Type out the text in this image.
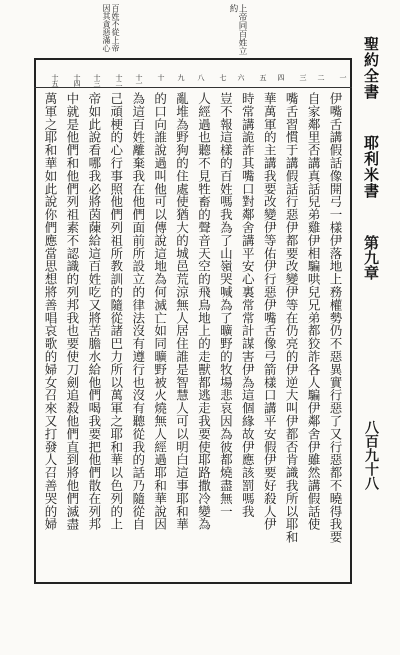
上帝同百姓立約
百姓不從上帝因其貪惡滿心
聖約全書
耶利米書
第九章
八百九十八
一
二
三
四
五
六
七
八
九
十
十一
十二
十三
十四
十五
伊嘴舌講假話像開弓一樣伊落地上務權勢仍不惡異實行惡了又行惡都不曉得我要
自家鄰里否講真話兒弟雞伊相騙哄兒兄弟都狡詐各人騙伊鄰舍伊雖然講假話使
嘴舌習慣于講假話行惡伊都要改變伊等在仍亮的伊逆大叫伊都否肯識我所以耶和
華萬軍的主講我要改變伊等佑伊行惡伊嘴舌像弓箭樣口講平安假伊要好殺人伊
時常講詭詐其嘴口對鄰舍講平安心裏常常計謀害伊為這個緣故伊應該罰嗎我
豈不報這樣的百姓嗎我為了山嶺哭喊為了曠野的牧場悲哀因為彼都燒盡無一
人經過也聽不見牲畜的聲音天空的飛鳥地上的走獸都逃走我要使耶路撒冷變為
亂堆為野狗的住處使猶大的城邑荒涼無人居住誰是智慧人可以明白這事耶和華
的口向誰說過叫他可以傳說這地為何滅亡如同曠野被火燒無人經過耶和華說因
為這百姓離棄我在他們面前所設立的律法沒有遵行也沒有聽從我的話乃隨從自
己頑梗的心行事照他們列祖所教訓的隨從諸巴力所以萬軍之耶和華以色列的上
帝如此說看哪我必將茵蔯給這百姓吃又將苦膽水給他們喝我要把他們散在列邦
中就是他們和他們列祖素不認識的列邦我也要使刀劍追殺他們直到將他們滅盡
萬軍之耶和華如此說你們應當思想將善唱哀歌的婦女召來又打發人召善哭的婦
